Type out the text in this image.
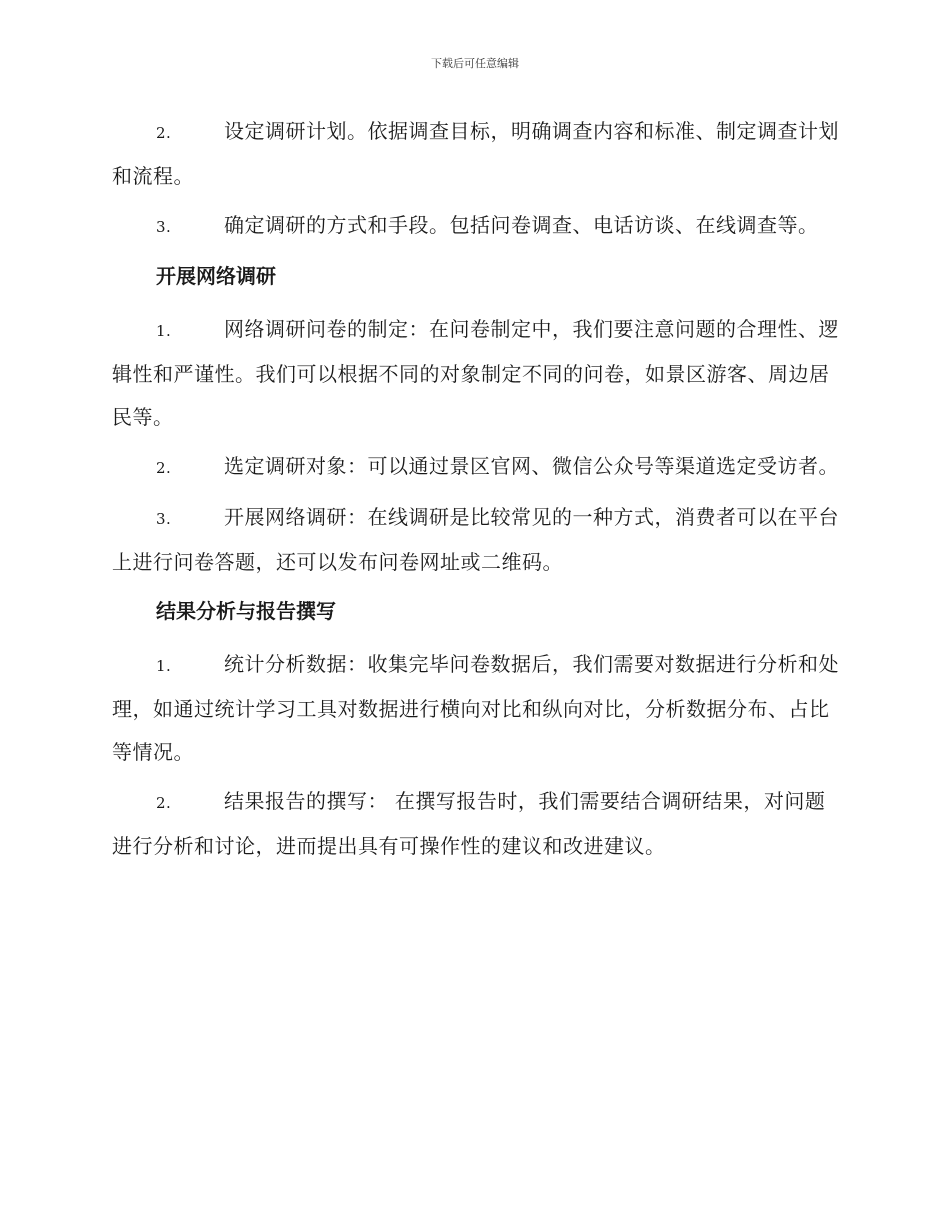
下载后可任意编辑

2.	设定调研计划。依据调查目标，明确调查内容和标准、制定调查计划和流程。

3.	确定调研的方式和手段。包括问卷调查、电话访谈、在线调查等。

开展网络调研

1.	网络调研问卷的制定：在问卷制定中，我们要注意问题的合理性、逻辑性和严谨性。我们可以根据不同的对象制定不同的问卷，如景区游客、周边居民等。

2.	选定调研对象：可以通过景区官网、微信公众号等渠道选定受访者。

3.	开展网络调研：在线调研是比较常见的一种方式，消费者可以在平台上进行问卷答题，还可以发布问卷网址或二维码。

结果分析与报告撰写

1.	统计分析数据：收集完毕问卷数据后，我们需要对数据进行分析和处理，如通过统计学习工具对数据进行横向对比和纵向对比，分析数据分布、占比等情况。

2.	结果报告的撰写： 在撰写报告时，我们需要结合调研结果，对问题进行分析和讨论，进而提出具有可操作性的建议和改进建议。
